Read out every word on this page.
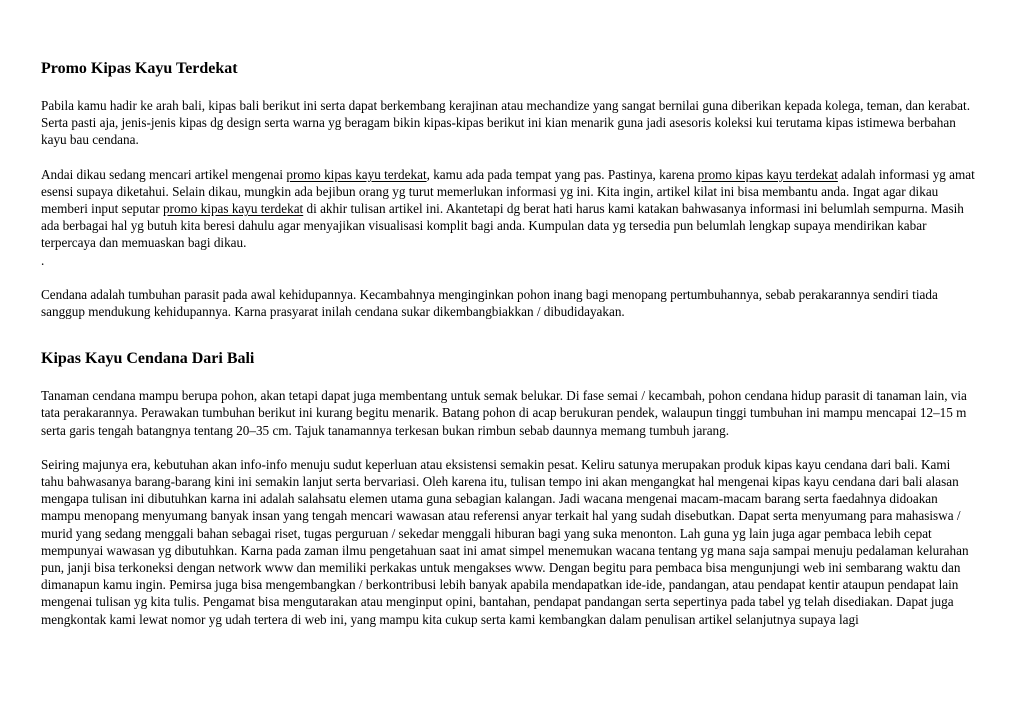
Promo Kipas Kayu Terdekat

Pabila kamu hadir ke arah bali, kipas bali berikut ini serta dapat berkembang kerajinan atau mechandize yang sangat bernilai guna diberikan kepada kolega, teman, dan kerabat. Serta pasti aja, jenis-jenis kipas dg design serta warna yg beragam bikin kipas-kipas berikut ini kian menarik guna jadi asesoris koleksi kui terutama kipas istimewa berbahan kayu bau cendana.

Andai dikau sedang mencari artikel mengenai promo kipas kayu terdekat, kamu ada pada tempat yang pas. Pastinya, karena promo kipas kayu terdekat adalah informasi yg amat esensi supaya diketahui. Selain dikau, mungkin ada bejibun orang yg turut memerlukan informasi yg ini. Kita ingin, artikel kilat ini bisa membantu anda. Ingat agar dikau memberi input seputar promo kipas kayu terdekat di akhir tulisan artikel ini. Akantetapi dg berat hati harus kami katakan bahwasanya informasi ini belumlah sempurna. Masih ada berbagai hal yg butuh kita beresi dahulu agar menyajikan visualisasi komplit bagi anda. Kumpulan data yg tersedia pun belumlah lengkap supaya mendirikan kabar terpercaya dan memuaskan bagi dikau.

.

Cendana adalah tumbuhan parasit pada awal kehidupannya. Kecambahnya menginginkan pohon inang bagi menopang pertumbuhannya, sebab perakarannya sendiri tiada sanggup mendukung kehidupannya. Karna prasyarat inilah cendana sukar dikembangbiakkan / dibudidayakan.

Kipas Kayu Cendana Dari Bali

Tanaman cendana mampu berupa pohon, akan tetapi dapat juga membentang untuk semak belukar. Di fase semai / kecambah, pohon cendana hidup parasit di tanaman lain, via tata perakarannya. Perawakan tumbuhan berikut ini kurang begitu menarik. Batang pohon di acap berukuran pendek, walaupun tinggi tumbuhan ini mampu mencapai 12–15 m serta garis tengah batangnya tentang 20–35 cm. Tajuk tanamannya terkesan bukan rimbun sebab daunnya memang tumbuh jarang.

Seiring majunya era, kebutuhan akan info-info menuju sudut keperluan atau eksistensi semakin pesat. Keliru satunya merupakan produk kipas kayu cendana dari bali. Kami tahu bahwasanya barang-barang kini ini semakin lanjut serta bervariasi. Oleh karena itu, tulisan tempo ini akan mengangkat hal mengenai kipas kayu cendana dari bali alasan mengapa tulisan ini dibutuhkan karna ini adalah salahsatu elemen utama guna sebagian kalangan. Jadi wacana mengenai macam-macam barang serta faedahnya didoakan mampu menopang menyumang banyak insan yang tengah mencari wawasan atau referensi anyar terkait hal yang sudah disebutkan. Dapat serta menyumang para mahasiswa / murid yang sedang menggali bahan sebagai riset, tugas perguruan / sekedar menggali hiburan bagi yang suka menonton. Lah guna yg lain juga agar pembaca lebih cepat mempunyai wawasan yg dibutuhkan. Karna pada zaman ilmu pengetahuan saat ini amat simpel menemukan wacana tentang yg mana saja sampai menuju pedalaman kelurahan pun, janji bisa terkoneksi dengan network www dan memiliki perkakas untuk mengakses www. Dengan begitu para pembaca bisa mengunjungi web ini sembarang waktu dan dimanapun kamu ingin. Pemirsa juga bisa mengembangkan / berkontribusi lebih banyak apabila mendapatkan ide-ide, pandangan, atau pendapat kentir ataupun pendapat lain mengenai tulisan yg kita tulis. Pengamat bisa mengutarakan atau menginput opini, bantahan, pendapat pandangan serta sepertinya pada tabel yg telah disediakan. Dapat juga mengkontak kami lewat nomor yg udah tertera di web ini, yang mampu kita cukup serta kami kembangkan dalam penulisan artikel selanjutnya supaya lagi
